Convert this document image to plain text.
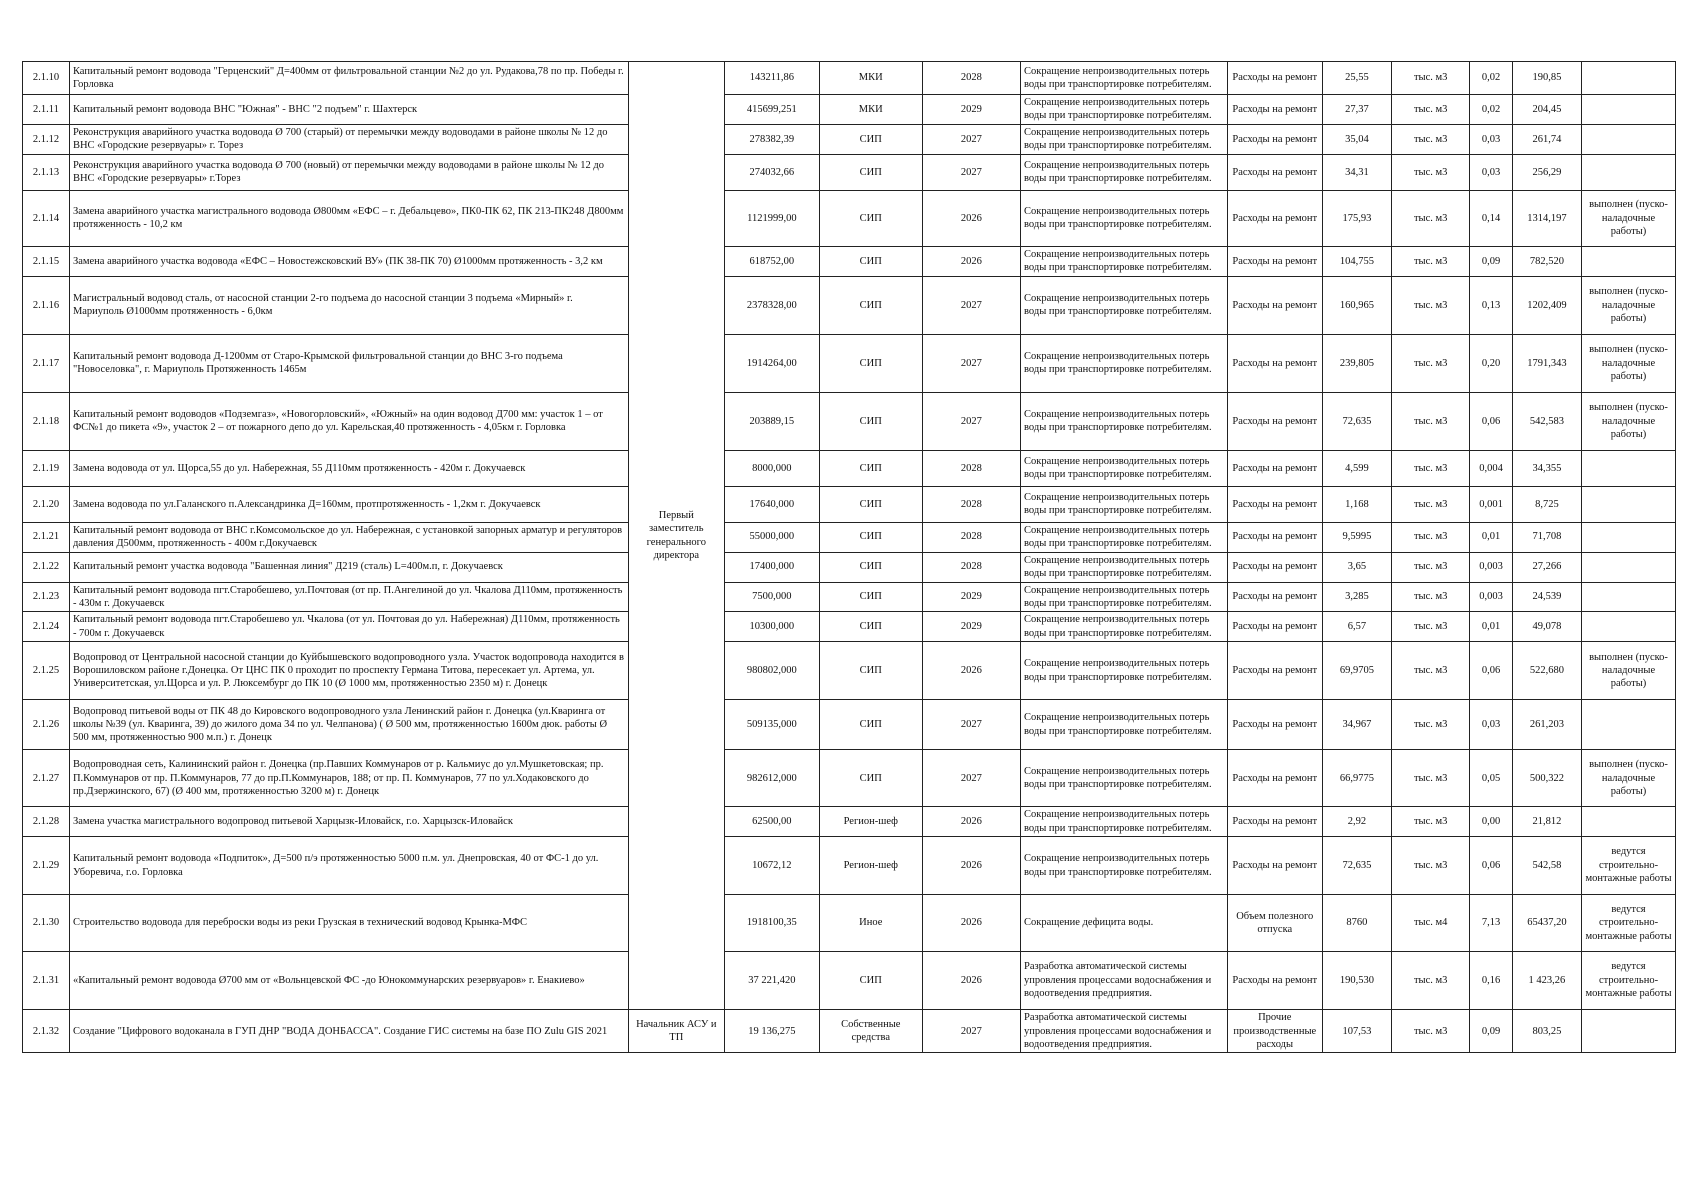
2.1.10	Капитальный ремонт водовода "Герценский" Д=400мм от фильтровальной станции №2 до ул. Рудакова,78 по пр. Победы г. Горловка	Первый заместитель генерального директора	143211,86	МКИ	2028	Сокращение непроизводительных потерь воды при транспортировке потребителям.	Расходы на ремонт	25,55	тыс. м3	0,02	190,85	
2.1.11	Капитальный ремонт водовода ВНС "Южная" - ВНС "2 подъем" г. Шахтерск		415699,251	МКИ	2029	Сокращение непроизводительных потерь воды при транспортировке потребителям.	Расходы на ремонт	27,37	тыс. м3	0,02	204,45	
2.1.12	Реконструкция аварийного участка водовода Ø 700 (старый) от перемычки между водоводами в районе школы № 12 до ВНС «Городские резервуары» г. Торез		278382,39	СИП	2027	Сокращение непроизводительных потерь воды при транспортировке потребителям.	Расходы на ремонт	35,04	тыс. м3	0,03	261,74	
2.1.13	Реконструкция аварийного участка водовода Ø 700 (новый) от перемычки между водоводами в районе школы № 12 до ВНС «Городские резервуары» г.Торез		274032,66	СИП	2027	Сокращение непроизводительных потерь воды при транспортировке потребителям.	Расходы на ремонт	34,31	тыс. м3	0,03	256,29	
2.1.14	Замена аварийного участка магистрального водовода Ø800мм «ЕФС – г. Дебальцево», ПК0-ПК 62, ПК 213-ПК248 Д800мм протяженность - 10,2 км		1121999,00	СИП	2026	Сокращение непроизводительных потерь воды при транспортировке потребителям.	Расходы на ремонт	175,93	тыс. м3	0,14	1314,197	выполнен (пуско-наладочные работы)
2.1.15	Замена аварийного участка водовода «ЕФС – Новостежсковский ВУ» (ПК 38-ПК 70) Ø1000мм протяженность - 3,2 км		618752,00	СИП	2026	Сокращение непроизводительных потерь воды при транспортировке потребителям.	Расходы на ремонт	104,755	тыс. м3	0,09	782,520	
2.1.16	Магистральный водовод сталь, от насосной станции 2-го подъема до насосной станции 3 подъема «Мирный» г. Мариуполь Ø1000мм протяженность - 6,0км		2378328,00	СИП	2027	Сокращение непроизводительных потерь воды при транспортировке потребителям.	Расходы на ремонт	160,965	тыс. м3	0,13	1202,409	выполнен (пуско-наладочные работы)
2.1.17	Капитальный ремонт водовода Д-1200мм от Старо-Крымской фильтровальной станции до ВНС 3-го подъема "Новоселовка", г. Мариуполь Протяженность 1465м		1914264,00	СИП	2027	Сокращение непроизводительных потерь воды при транспортировке потребителям.	Расходы на ремонт	239,805	тыс. м3	0,20	1791,343	выполнен (пуско-наладочные работы)
2.1.18	Капитальный ремонт водоводов «Подземгаз», «Новогорловский», «Южный» на один водовод Д700 мм: участок 1 – от ФС№1 до пикета «9», участок 2 – от пожарного депо до ул. Карельская,40 протяженность - 4,05км г. Горловка		203889,15	СИП	2027	Сокращение непроизводительных потерь воды при транспортировке потребителям.	Расходы на ремонт	72,635	тыс. м3	0,06	542,583	выполнен (пуско-наладочные работы)
2.1.19	Замена водовода от ул. Щорса,55 до ул. Набережная, 55 Д110мм протяженность - 420м г. Докучаевск		8000,000	СИП	2028	Сокращение непроизводительных потерь воды при транспортировке потребителям.	Расходы на ремонт	4,599	тыс. м3	0,004	34,355	
2.1.20	Замена водовода по ул.Галанского п.Александринка Д=160мм, протпротяженность - 1,2км г. Докучаевск		17640,000	СИП	2028	Сокращение непроизводительных потерь воды при транспортировке потребителям.	Расходы на ремонт	1,168	тыс. м3	0,001	8,725	
2.1.21	Капитальный ремонт водовода от ВНС г.Комсомольское до ул. Набережная, с установкой запорных арматур и регуляторов давления Д500мм, протяженность - 400м г.Докучаевск		55000,000	СИП	2028	Сокращение непроизводительных потерь воды при транспортировке потребителям.	Расходы на ремонт	9,5995	тыс. м3	0,01	71,708	
2.1.22	Капитальный ремонт участка водовода "Башенная линия" Д219 (сталь) L=400м.п, г. Докучаевск		17400,000	СИП	2028	Сокращение непроизводительных потерь воды при транспортировке потребителям.	Расходы на ремонт	3,65	тыс. м3	0,003	27,266	
2.1.23	Капитальный ремонт водовода пгт.Старобешево, ул.Почтовая (от пр. П.Ангелиной до ул. Чкалова Д110мм, протяженность - 430м г. Докучаевск		7500,000	СИП	2029	Сокращение непроизводительных потерь воды при транспортировке потребителям.	Расходы на ремонт	3,285	тыс. м3	0,003	24,539	
2.1.24	Капитальный ремонт водовода пгт.Старобешево ул. Чкалова (от ул. Почтовая до ул. Набережная) Д110мм, протяженность - 700м г. Докучаевск		10300,000	СИП	2029	Сокращение непроизводительных потерь воды при транспортировке потребителям.	Расходы на ремонт	6,57	тыс. м3	0,01	49,078	
2.1.25	Водопровод от Центральной насосной станции до Куйбышевского водопроводного узла. Участок водопровода находится в Ворошиловском районе г.Донецка. От ЦНС ПК 0 проходит по проспекту Германа Титова, пересекает ул. Артема, ул. Университетская, ул.Щорса и ул. Р. Люксембург до ПК 10 (Ø 1000 мм, протяженностью 2350 м) г. Донецк		980802,000	СИП	2026	Сокращение непроизводительных потерь воды при транспортировке потребителям.	Расходы на ремонт	69,9705	тыс. м3	0,06	522,680	выполнен (пуско-наладочные работы)
2.1.26	Водопровод питьевой воды от ПК 48 до Кировского водопроводного узла Ленинский район г. Донецка (ул.Кваринга от школы №39 (ул. Кваринга, 39) до жилого дома 34 по ул. Челпанова) ( Ø 500 мм, протяженностью 1600м дюк. работы Ø 500 мм, протяженностью 900 м.п.) г. Донецк		509135,000	СИП	2027	Сокращение непроизводительных потерь воды при транспортировке потребителям.	Расходы на ремонт	34,967	тыс. м3	0,03	261,203	
2.1.27	Водопроводная сеть, Калининский район г. Донецка (пр.Павших Коммунаров от р. Кальмиус до ул.Мушкетовская; пр. П.Коммунаров от пр. П.Коммунаров, 77 до пр.П.Коммунаров, 188; от пр. П. Коммунаров, 77 по ул.Ходаковского до пр.Дзержинского, 67) (Ø 400 мм, протяженностью 3200 м) г. Донецк		982612,000	СИП	2027	Сокращение непроизводительных потерь воды при транспортировке потребителям.	Расходы на ремонт	66,9775	тыс. м3	0,05	500,322	выполнен (пуско-наладочные работы)
2.1.28	Замена участка магистрального водопровод питьевой Харцызк-Иловайск, г.о. Харцызск-Иловайск		62500,00	Регион-шеф	2026	Сокращение непроизводительных потерь воды при транспортировке потребителям.	Расходы на ремонт	2,92	тыс. м3	0,00	21,812	
2.1.29	Капитальный ремонт водовода «Подпиток», Д=500 п/э протяженностью 5000 п.м. ул. Днепровская, 40 от ФС-1 до ул. Уборевича, г.о. Горловка		10672,12	Регион-шеф	2026	Сокращение непроизводительных потерь воды при транспортировке потребителям.	Расходы на ремонт	72,635	тыс. м3	0,06	542,58	ведутся строительно-монтажные работы
2.1.30	Строительство водовода для переброски воды из реки Грузская в технический водовод Крынка-МФС		1918100,35	Иное	2026	Сокращение дефицита воды.	Объем полезного отпуска	8760	тыс. м4	7,13	65437,20	ведутся строительно-монтажные работы
2.1.31	«Капитальный ремонт водовода Ø700 мм от «Вольнцевской ФС -до Юнокоммунарских резервуаров» г. Енакиево»		37 221,420	СИП	2026	Разработка автоматической системы упровления процессами водоснабжения и водоотведения предприятия.	Расходы на ремонт	190,530	тыс. м3	0,16	1 423,26	ведутся строительно-монтажные работы
2.1.32	Создание "Цифрового водоканала в ГУП ДНР "ВОДА ДОНБАССА". Создание ГИС системы на базе ПО Zulu GIS 2021	Начальник АСУ и ТП	19 136,275	Собственные средства	2027	Разработка автоматической системы упровления процессами водоснабжения и водоотведения предприятия.	Прочие производственные расходы	107,53	тыс. м3	0,09	803,25	
